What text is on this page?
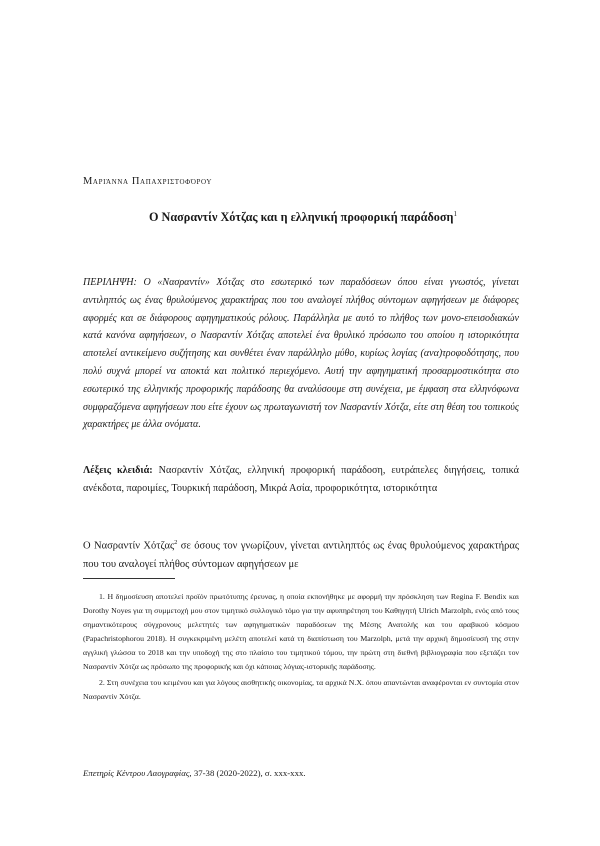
Μαριάννα Παπαχριστοφόρου
Ο Νασραντίν Χότζας και η ελληνική προφορική παράδοση$^1$
ΠΕΡΙΛΗΨΗ: Ο «Νασραντίν» Χότζας στο εσωτερικό των παραδόσεων όπου είναι γνωστός, γίνεται αντιληπτός ως ένας θρυλούμενος χαρακτήρας που του αναλογεί πλήθος σύντομων αφηγήσεων με διάφορες αφορμές και σε διάφορους αφηγηματικούς ρόλους. Παράλληλα με αυτό το πλήθος των μονο-επεισοδιακών κατά κανόνα αφηγήσεων, ο Νασραντίν Χότζας αποτελεί ένα θρυλικό πρόσωπο του οποίου η ιστορικότητα αποτελεί αντικείμενο συζήτησης και συνθέτει έναν παράλληλο μύθο, κυρίως λογίας (ανα)τροφοδότησης, που πολύ συχνά μπορεί να αποκτά και πολιτικό περιεχόμενο. Αυτή την αφηγηματική προσαρμοστικότητα στο εσωτερικό της ελληνικής προφορικής παράδοσης θα αναλύσουμε στη συνέχεια, με έμφαση στα ελληνόφωνα συμφραζόμενα αφηγήσεων που είτε έχουν ως πρωταγωνιστή τον Νασραντίν Χότζα, είτε στη θέση του τοπικούς χαρακτήρες με άλλα ονόματα.
Λέξεις κλειδιά: Νασραντίν Χότζας, ελληνική προφορική παράδοση, ευτράπελες διηγήσεις, τοπικά ανέκδοτα, παροιμίες, Τουρκική παράδοση, Μικρά Ασία, προφορικότητα, ιστορικότητα
Ο Νασραντίν Χότζας$^2$ σε όσους τον γνωρίζουν, γίνεται αντιληπτός ως ένας θρυλούμενος χαρακτήρας που του αναλογεί πλήθος σύντομων αφηγήσεων με

1. Η δημοσίευση αποτελεί προϊόν πρωτότυπης έρευνας, η οποία εκπονήθηκε με αφορμή την πρόσκληση των Regina F. Bendix και Dorothy Noyes για τη συμμετοχή μου στον τιμητικό συλλογικό τόμο για την αφυπηρέτηση του Καθηγητή Ulrich Marzolph, ενός από τους σημαντικότερους σύγχρονους μελετητές των αφηγηματικών παραδόσεων της Μέσης Ανατολής και του αραβικού κόσμου (Papachristophorou 2018). Η συγκεκριμένη μελέτη αποτελεί κατά τη διαπίστωση του Marzolph, μετά την αρχική δημοσίευσή της στην αγγλική γλώσσα το 2018 και την υποδοχή της στο πλαίσιο του τιμητικού τόμου, την πρώτη στη διεθνή βιβλιογραφία που εξετάζει τον Νασραντίν Χότζα ως πρόσωπο της προφορικής και όχι κάποιας λόγιας-ιστορικής παράδοσης.

2. Στη συνέχεια του κειμένου και για λόγους αισθητικής οικονομίας, τα αρχικά Ν.Χ. όπου απαντώνται αναφέρονται εν συντομία στον Νασραντίν Χότζα.

Επετηρίς Κέντρου Λαογραφίας, 37-38 (2020-2022), σ. xxx-xxx.
